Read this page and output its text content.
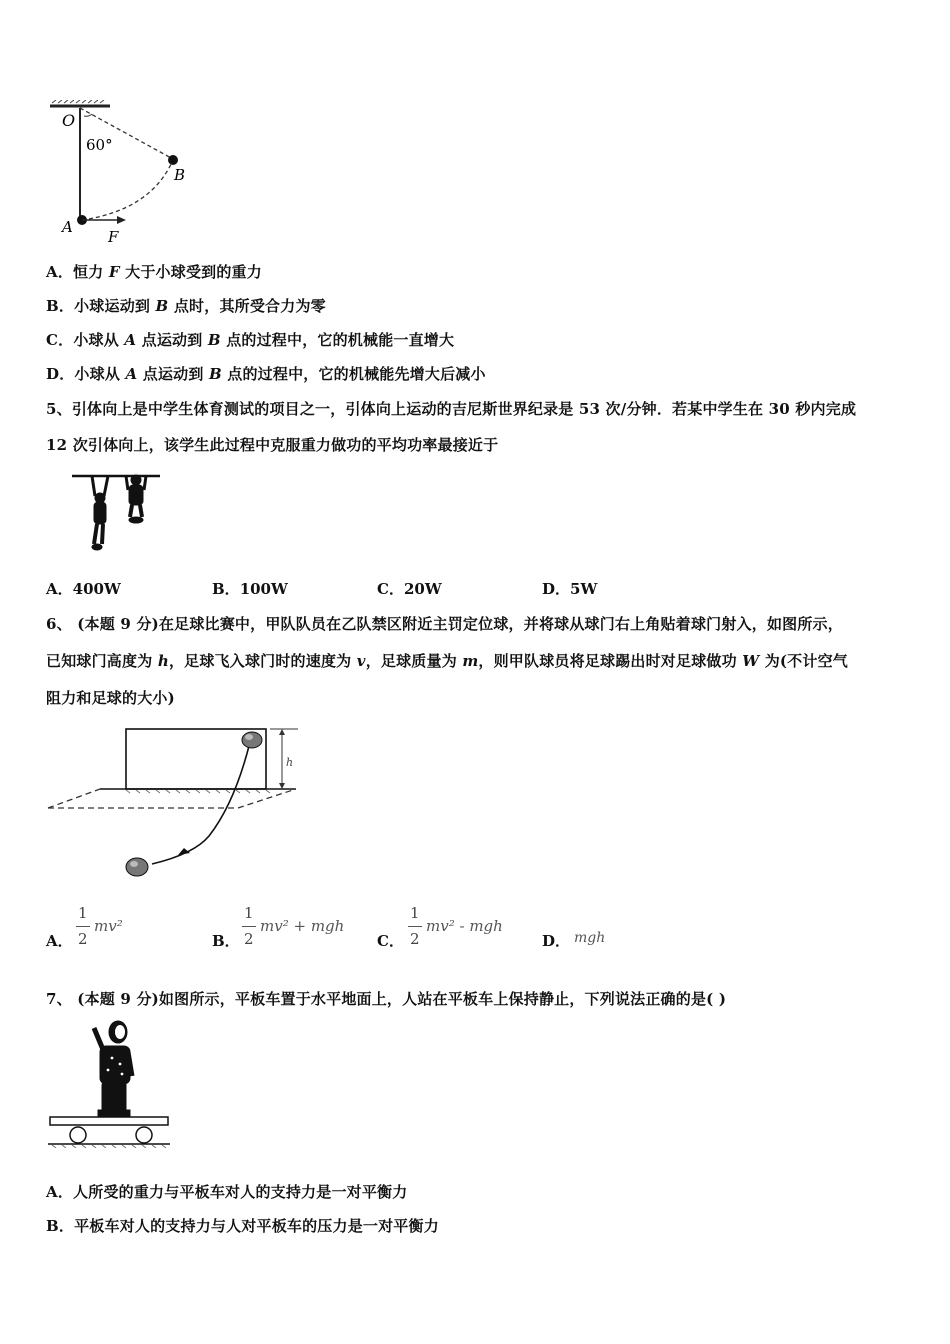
O
60°
B
A
F
A．恒力 F 大于小球受到的重力
B．小球运动到 B 点时，其所受合力为零
C．小球从 A 点运动到 B 点的过程中，它的机械能一直增大
D．小球从 A 点运动到 B 点的过程中，它的机械能先增大后减小
5、引体向上是中学生体育测试的项目之一，引体向上运动的吉尼斯世界纪录是 53 次/分钟．若某中学生在 30 秒内完成
12 次引体向上，该学生此过程中克服重力做功的平均功率最接近于
A．400W	B．100W	C．20W	D．5W
6、 (本题 9 分)在足球比赛中，甲队队员在乙队禁区附近主罚定位球，并将球从球门右上角贴着球门射入，如图所示，
已知球门高度为 h，足球飞入球门时的速度为 v，足球质量为 m，则甲队球员将足球踢出时对足球做功 W 为(不计空气
阻力和足球的大小)
h
A．
1
2
mv²
B．
1
2
mv² + mgh
C．
1
2
mv² - mgh
D． mgh
7、 (本题 9 分)如图所示，平板车置于水平地面上，人站在平板车上保持静止，下列说法正确的是( )
A．人所受的重力与平板车对人的支持力是一对平衡力
B．平板车对人的支持力与人对平板车的压力是一对平衡力
